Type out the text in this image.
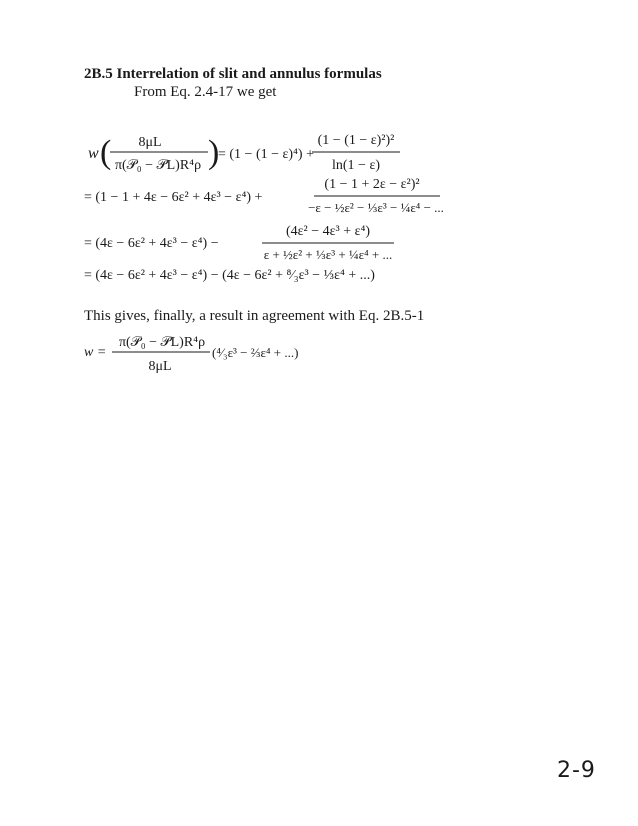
2B.5 Interrelation of slit and annulus formulas
From Eq. 2.4-17 we get
w ( 8μL
π(𝒫₀ − 𝒫L)R⁴ρ )
= (1 − (1 − ε)⁴) +
(1 − (1 − ε)²)²
ln(1 − ε)
= (1 − 1 + 4ε − 6ε² + 4ε³ − ε⁴) +
(1 − 1 + 2ε − ε²)²
−ε − ½ε² − ⅓ε³ − ¼ε⁴ − ...
= (4ε − 6ε² + 4ε³ − ε⁴) −
(4ε² − 4ε³ + ε⁴)
ε + ½ε² + ⅓ε³ + ¼ε⁴ + ...
= (4ε − 6ε² + 4ε³ − ε⁴) − (4ε − 6ε² + ⁸⁄₃ε³ − ⅓ε⁴ + ...)
w =
π(𝒫₀ − 𝒫L)R⁴ρ
8μL
(⁴⁄₃ε³ − ⅔ε⁴ + ...)
This gives, finally, a result in agreement with Eq. 2B.5-1
2-9
